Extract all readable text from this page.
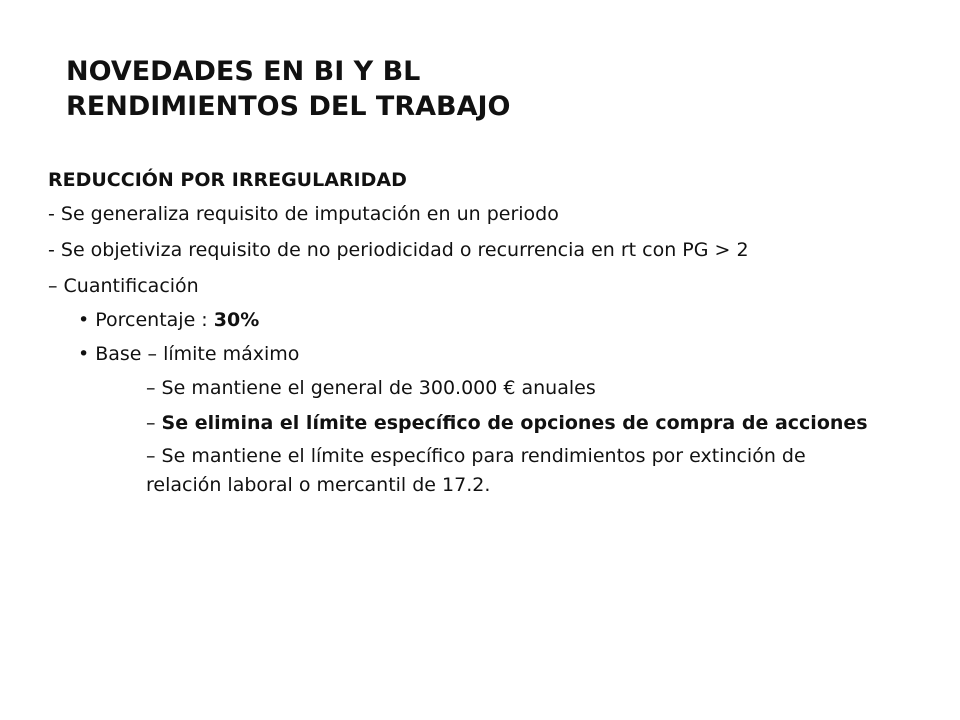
NOVEDADES EN BI Y BL
RENDIMIENTOS DEL TRABAJO

REDUCCIÓN POR IRREGULARIDAD

- Se generaliza requisito de imputación en un periodo

- Se objetiviza requisito de no periodicidad o recurrencia en rt con PG > 2

– Cuantificación

• Porcentaje : 30%

• Base – límite máximo

– Se mantiene el general de 300.000 € anuales

– Se elimina el límite específico de opciones de compra de acciones

– Se mantiene el límite específico para rendimientos por extinción de relación laboral o mercantil de 17.2.
